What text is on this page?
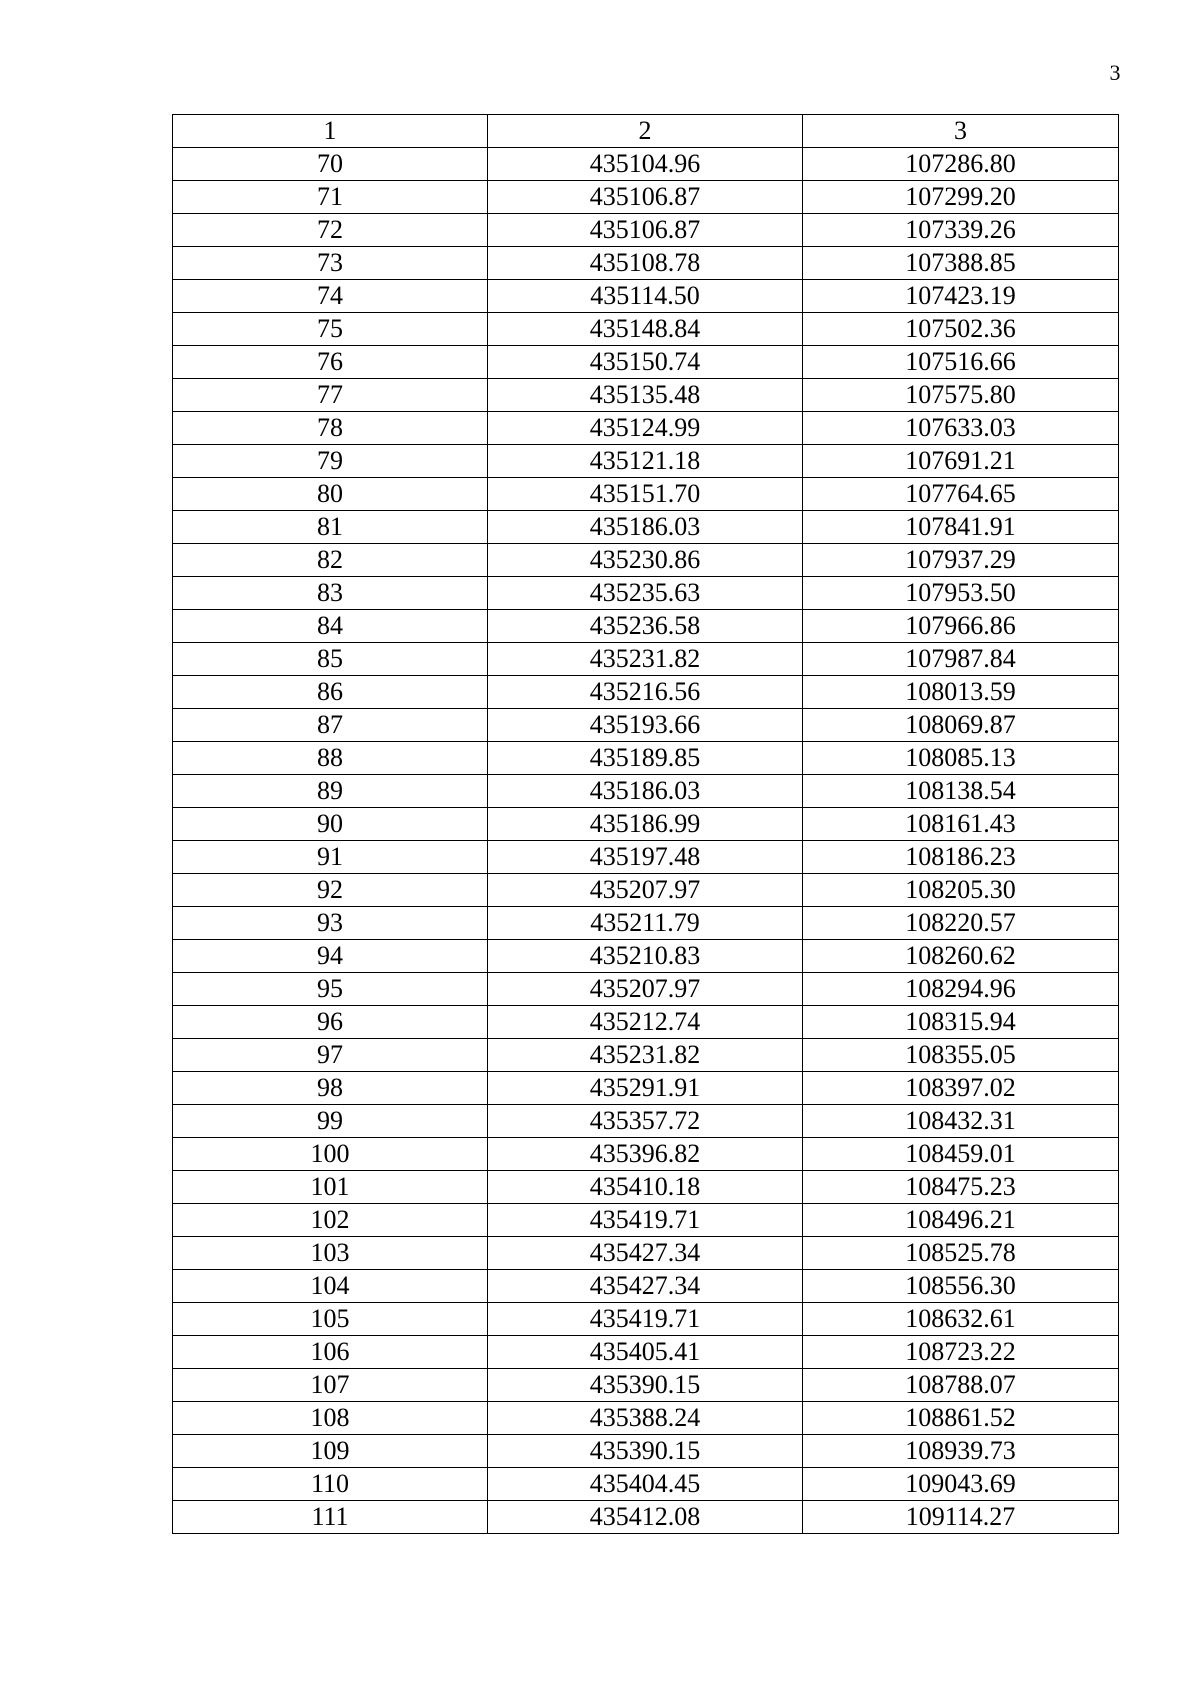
3
1	2	3
70	435104.96	107286.80
71	435106.87	107299.20
72	435106.87	107339.26
73	435108.78	107388.85
74	435114.50	107423.19
75	435148.84	107502.36
76	435150.74	107516.66
77	435135.48	107575.80
78	435124.99	107633.03
79	435121.18	107691.21
80	435151.70	107764.65
81	435186.03	107841.91
82	435230.86	107937.29
83	435235.63	107953.50
84	435236.58	107966.86
85	435231.82	107987.84
86	435216.56	108013.59
87	435193.66	108069.87
88	435189.85	108085.13
89	435186.03	108138.54
90	435186.99	108161.43
91	435197.48	108186.23
92	435207.97	108205.30
93	435211.79	108220.57
94	435210.83	108260.62
95	435207.97	108294.96
96	435212.74	108315.94
97	435231.82	108355.05
98	435291.91	108397.02
99	435357.72	108432.31
100	435396.82	108459.01
101	435410.18	108475.23
102	435419.71	108496.21
103	435427.34	108525.78
104	435427.34	108556.30
105	435419.71	108632.61
106	435405.41	108723.22
107	435390.15	108788.07
108	435388.24	108861.52
109	435390.15	108939.73
110	435404.45	109043.69
111	435412.08	109114.27
